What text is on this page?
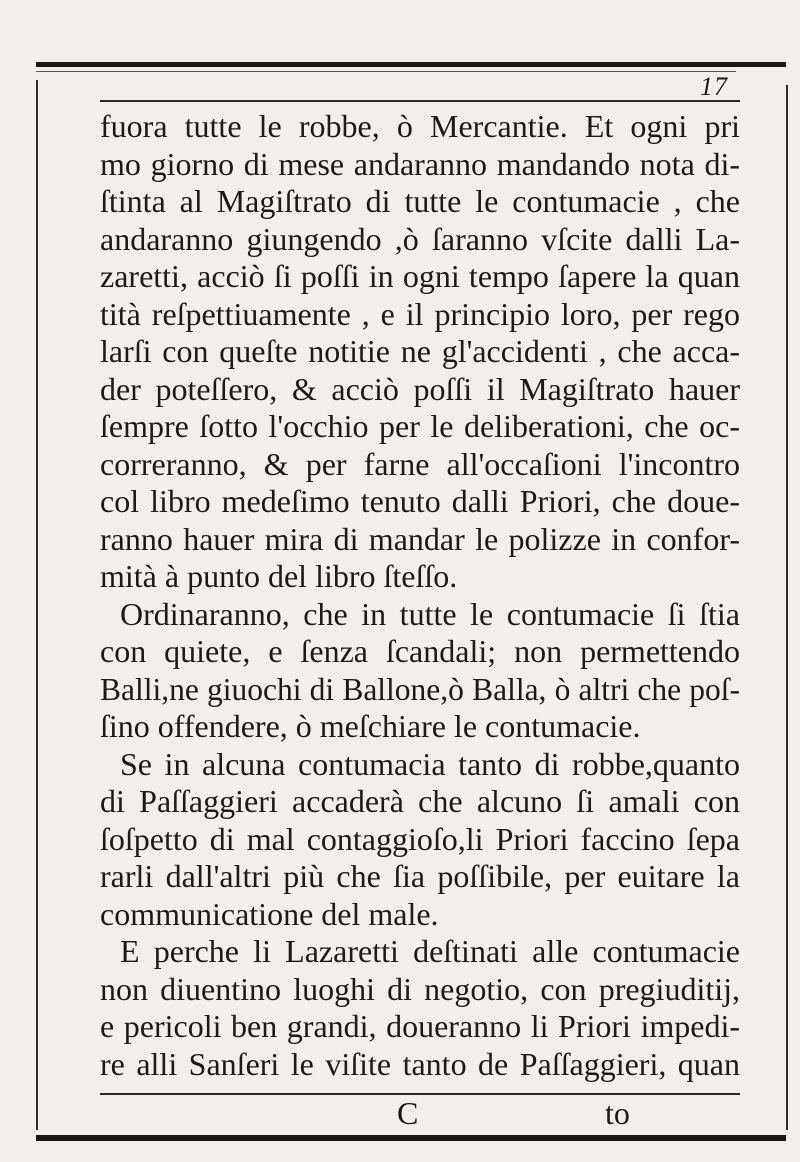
17
fuora tutte le robbe, ò Mercantie. Et ogni pri
mo giorno di mese andaranno mandando nota di-
ſtinta al Magiſtrato di tutte le contumacie , che
andaranno giungendo ,ò ſaranno vſcite dalli La-
zaretti, acciò ſi poſſi in ogni tempo ſapere la quan
tità reſpettiuamente , e il principio loro, per rego
larſi con queſte notitie ne gl'accidenti , che acca-
der poteſſero, & acciò poſſi il Magiſtrato hauer
ſempre ſotto l'occhio per le deliberationi, che oc-
correranno, & per farne all'occaſioni l'incontro
col libro medeſimo tenuto dalli Priori, che doue-
ranno hauer mira di mandar le polizze in confor-
mità à punto del libro ſteſſo.
Ordinaranno, che in tutte le contumacie ſi ſtia
con quiete, e ſenza ſcandali; non permettendo
Balli,ne giuochi di Ballone,ò Balla, ò altri che poſ-
ſino offendere, ò meſchiare le contumacie.
Se in alcuna contumacia tanto di robbe,quanto
di Paſſaggieri accaderà che alcuno ſi amali con
ſoſpetto di mal contaggioſo,li Priori faccino ſepa
rarli dall'altri più che ſia poſſibile, per euitare la
communicatione del male.
E perche li Lazaretti deſtinati alle contumacie
non diuentino luoghi di negotio, con pregiuditij,
e pericoli ben grandi, doueranno li Priori impedi-
re alli Sanſeri le viſite tanto de Paſſaggieri, quan
C	to
